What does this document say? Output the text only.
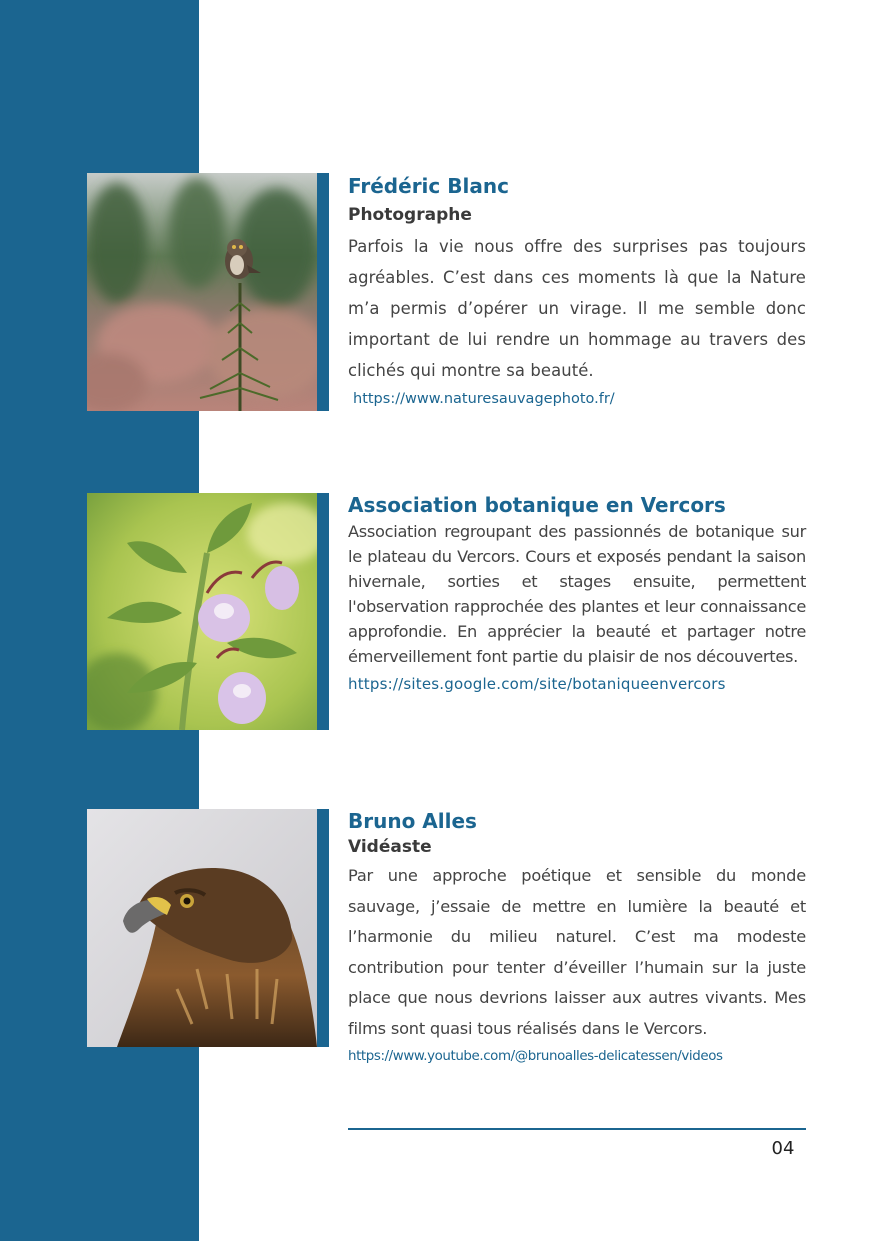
Frédéric Blanc

Photographe

Parfois la vie nous offre des surprises pas toujours agréables. C’est dans ces moments là que la Nature m’a permis d’opérer un virage. Il me semble donc important de lui rendre un hommage au travers des clichés qui montre sa beauté.

https://www.naturesauvagephoto.fr/

Association botanique en Vercors

Association regroupant des passionnés de botanique sur le plateau du Vercors. Cours et exposés pendant la saison hivernale, sorties et stages ensuite, permettent l'observation rapprochée des plantes et leur connaissance approfondie. En apprécier la beauté et partager notre émerveillement font partie du plaisir de nos découvertes.

https://sites.google.com/site/botaniqueenvercors

Bruno Alles

Vidéaste

Par une approche poétique et sensible du monde sauvage, j’essaie de mettre en lumière la beauté et l’harmonie du milieu naturel. C’est ma modeste contribution pour tenter d’éveiller l’humain sur la juste place que nous devrions laisser aux autres vivants. Mes films sont quasi tous réalisés dans le Vercors.

https://www.youtube.com/@brunoalles-delicatessen/videos

04
